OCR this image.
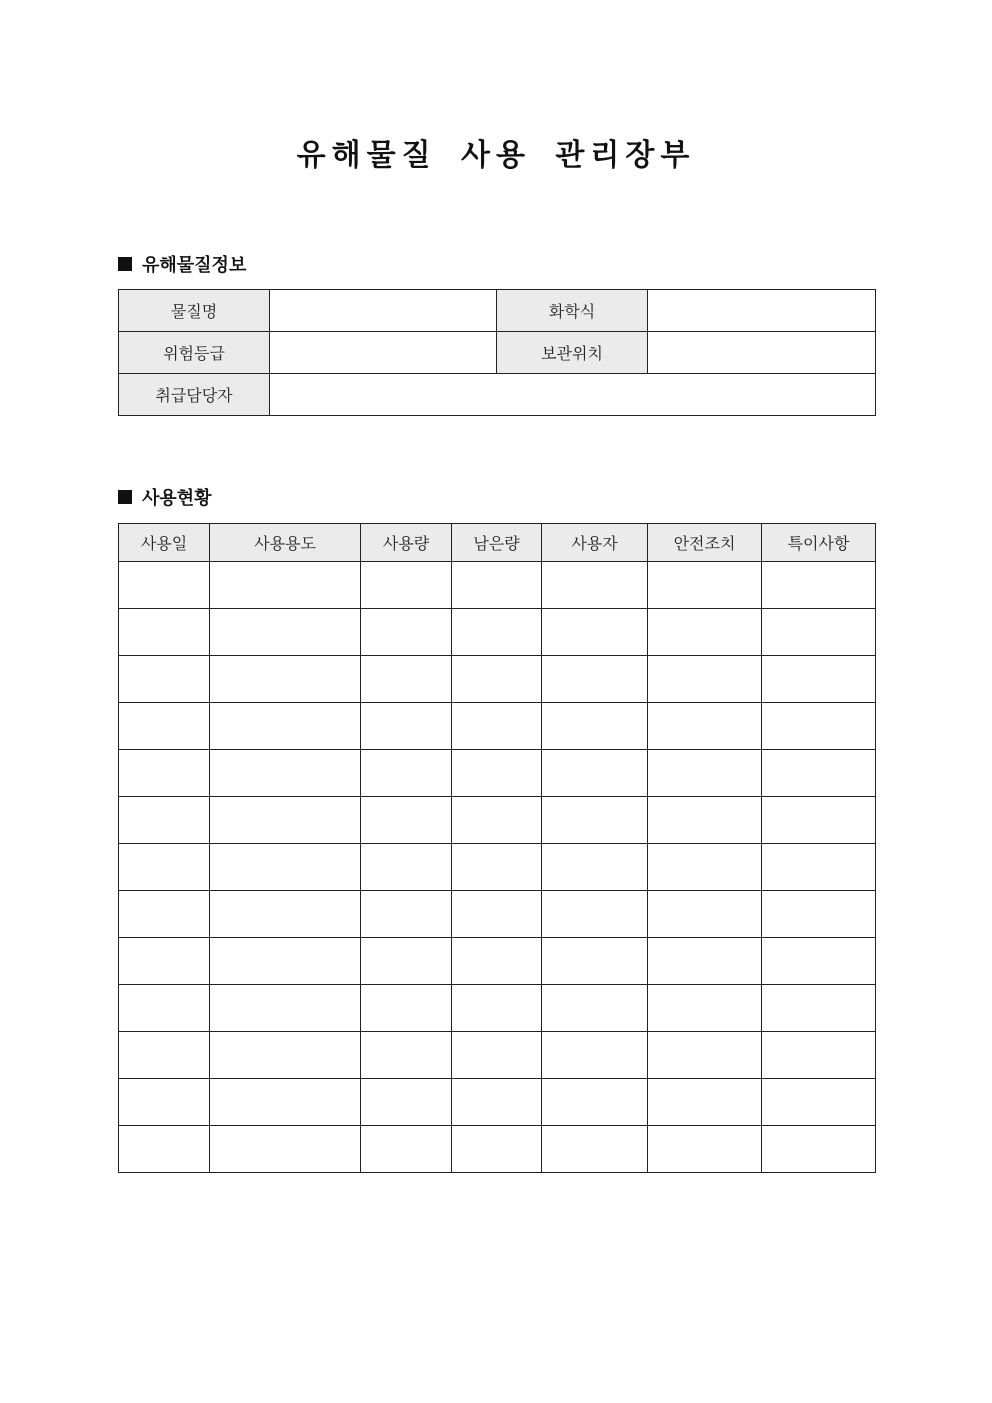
유해물질 사용 관리장부
유해물질정보
물질명		화학식	
위험등급		보관위치	
취급담당자			
사용현황
사용일	사용용도	사용량	남은량	사용자	안전조치	특이사항
